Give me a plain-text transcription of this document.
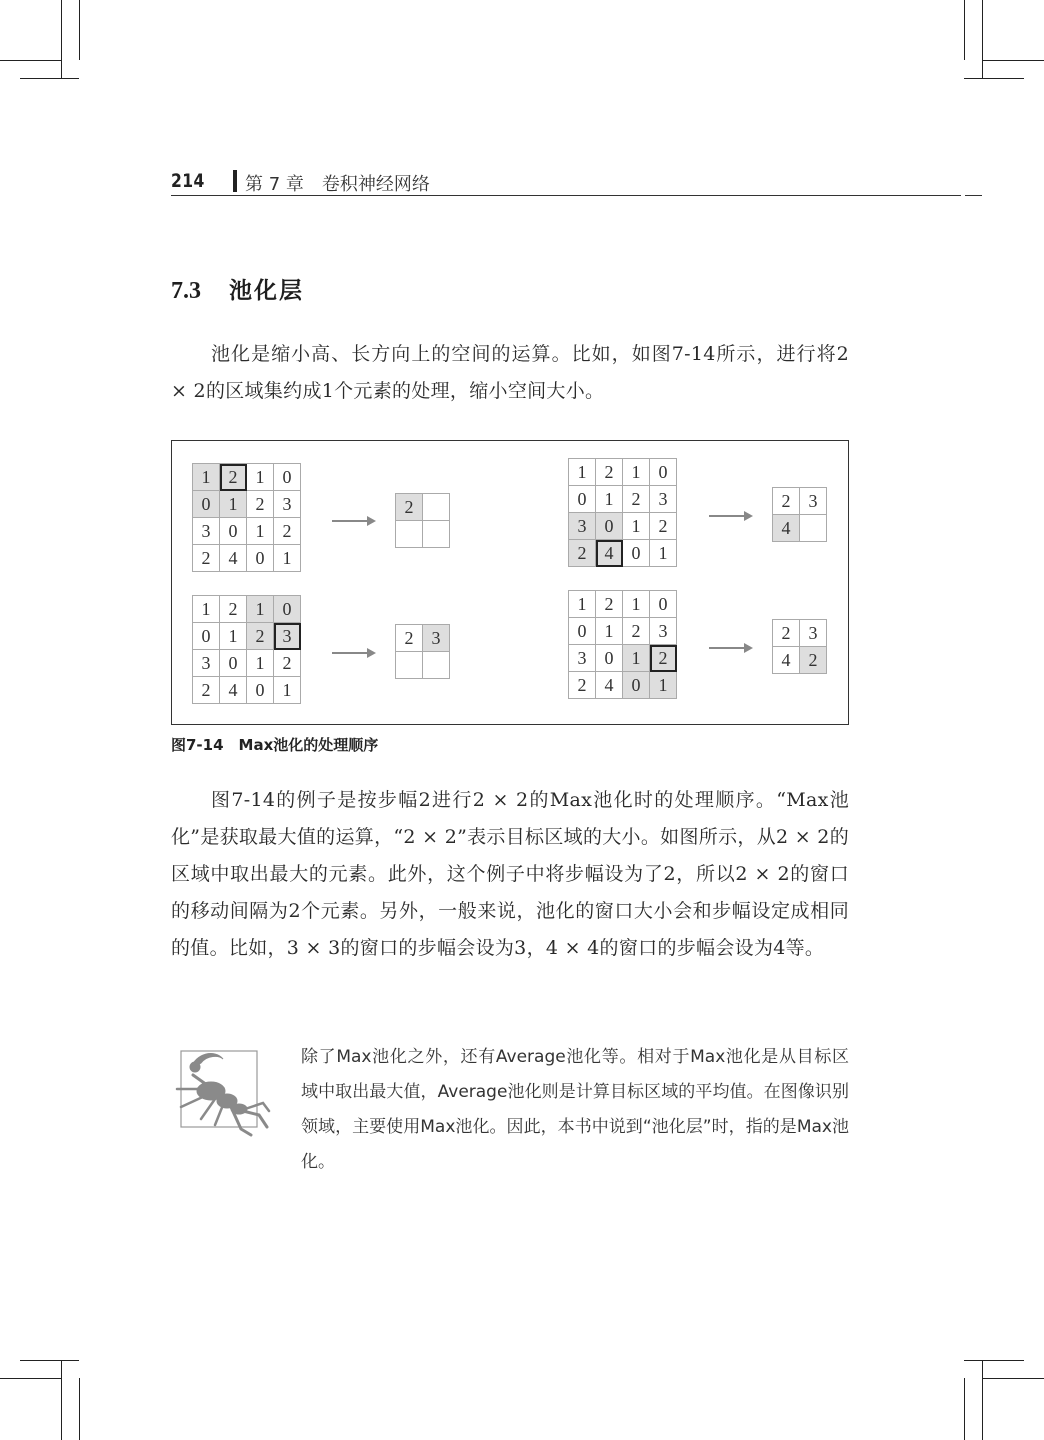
214 第 7 章　卷积神经网络
7.3 池化层

池化是缩小高、长方向上的空间的运算。比如，如图7-14所示，进行将2 × 2的区域集约成1个元素的处理，缩小空间大小。

1	2	1	0
0	1	2	3
3	0	1	2
2	4	0	1
2	

1	2	1	0
0	1	2	3
3	0	1	2
2	4	0	1
2	3

1	2	1	0
0	1	2	3
3	0	1	2
2	4	0	1
2	3
4	
1	2	1	0
0	1	2	3
3	0	1	2
2	4	0	1
2	3
4	2
图7-14　Max池化的处理顺序

图7-14的例子是按步幅2进行2 × 2的Max池化时的处理顺序。“Max池化”是获取最大值的运算，“2 × 2”表示目标区域的大小。如图所示，从2 × 2的区域中取出最大的元素。此外，这个例子中将步幅设为了2，所以2 × 2的窗口的移动间隔为2个元素。另外，一般来说，池化的窗口大小会和步幅设定成相同的值。比如，3 × 3的窗口的步幅会设为3，4 × 4的窗口的步幅会设为4等。

除了Max池化之外，还有Average池化等。相对于Max池化是从目标区域中取出最大值，Average池化则是计算目标区域的平均值。在图像识别领域，主要使用Max池化。因此，本书中说到“池化层”时，指的是Max池化。
